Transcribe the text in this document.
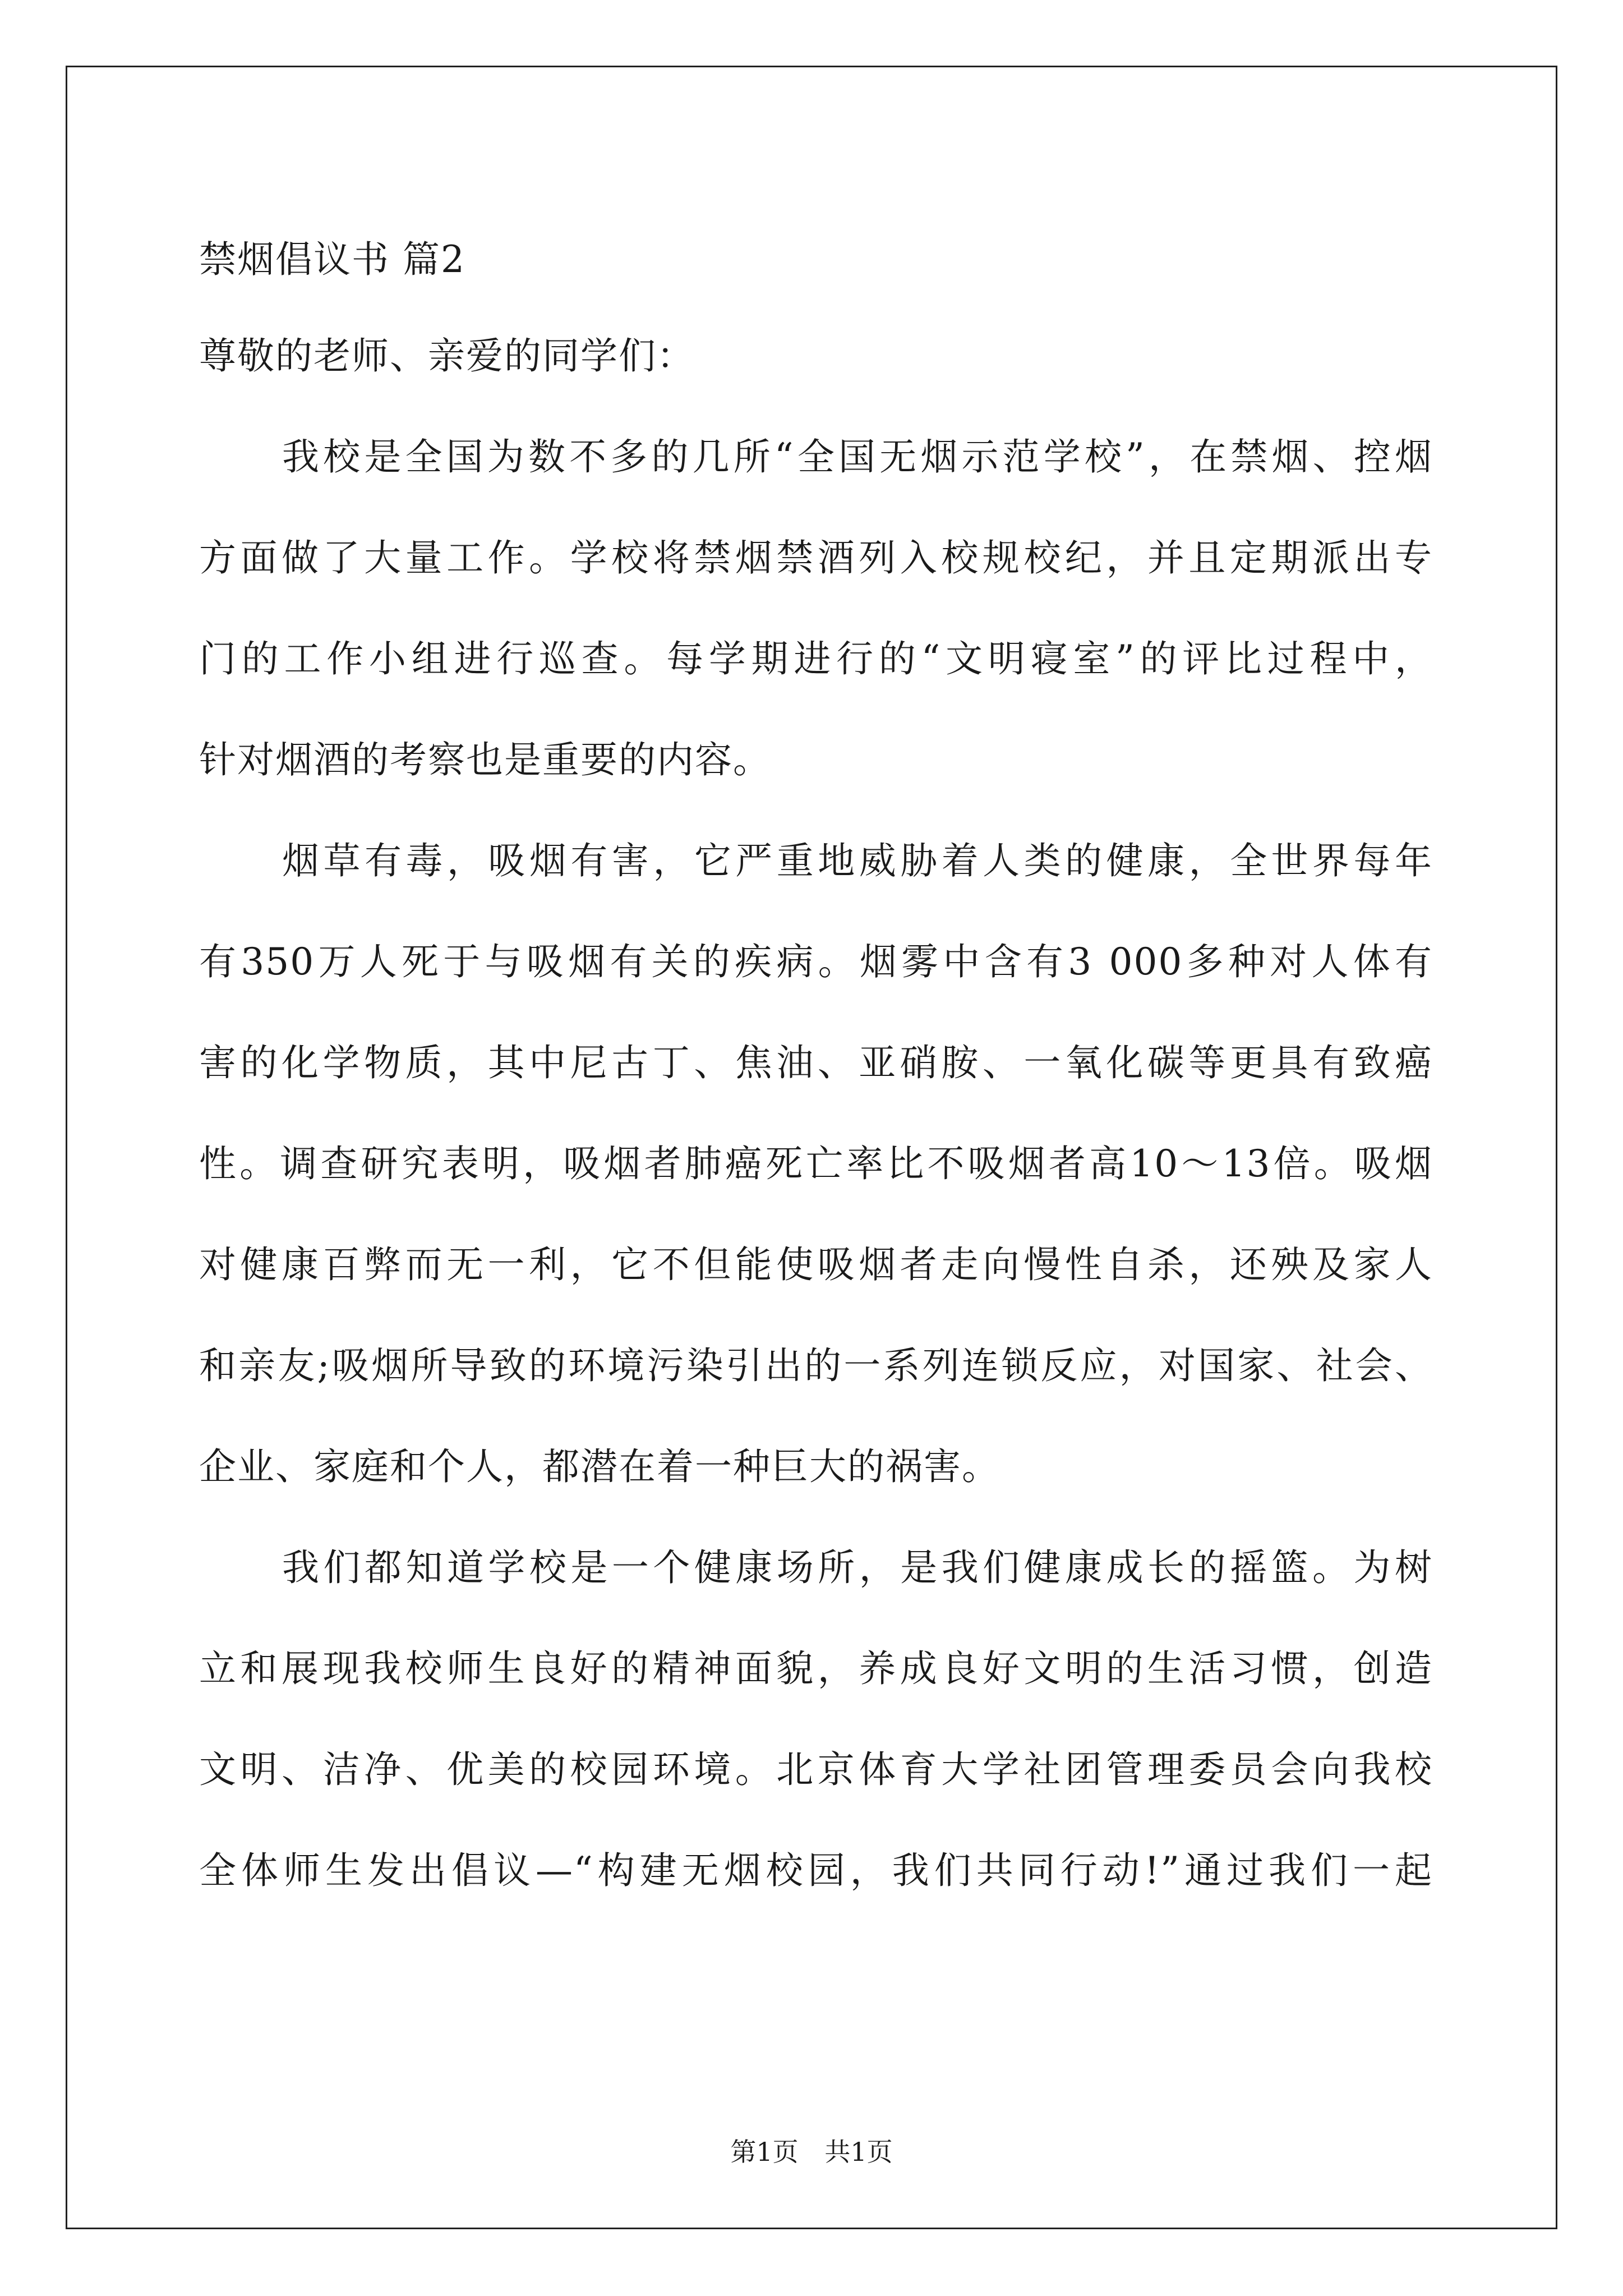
禁烟倡议书 篇2
尊敬的老师、亲爱的同学们：
我校是全国为数不多的几所“全国无烟示范学校”，在禁烟、控烟
方面做了大量工作。学校将禁烟禁酒列入校规校纪，并且定期派出专
门的工作小组进行巡查。每学期进行的“文明寝室”的评比过程中，
针对烟酒的考察也是重要的内容。
烟草有毒，吸烟有害，它严重地威胁着人类的健康，全世界每年
有350万人死于与吸烟有关的疾病。烟雾中含有3 000多种对人体有
害的化学物质，其中尼古丁、焦油、亚硝胺、一氧化碳等更具有致癌
性。调查研究表明，吸烟者肺癌死亡率比不吸烟者高10～13倍。吸烟
对健康百弊而无一利，它不但能使吸烟者走向慢性自杀，还殃及家人
和亲友;吸烟所导致的环境污染引出的一系列连锁反应，对国家、社会、
企业、家庭和个人，都潜在着一种巨大的祸害。
我们都知道学校是一个健康场所，是我们健康成长的摇篮。为树
立和展现我校师生良好的精神面貌，养成良好文明的生活习惯，创造
文明、洁净、优美的校园环境。北京体育大学社团管理委员会向我校
全体师生发出倡议—“构建无烟校园，我们共同行动!”通过我们一起
第1页 共1页
